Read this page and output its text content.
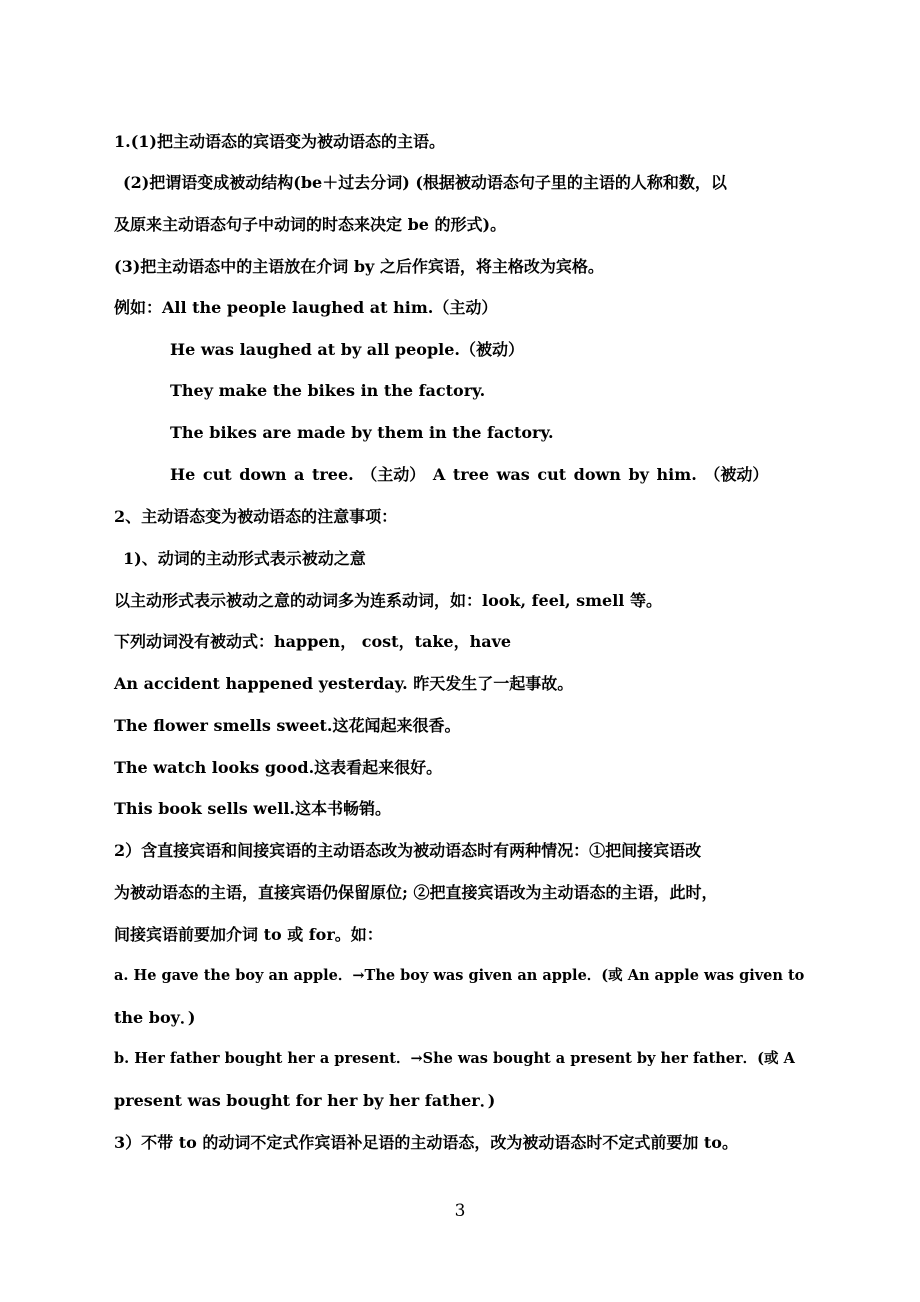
1.(1)把主动语态的宾语变为被动语态的主语。
(2)把谓语变成被动结构(be＋过去分词) (根据被动语态句子里的主语的人称和数，以
及原来主动语态句子中动词的时态来决定 be 的形式)。
(3)把主动语态中的主语放在介词 by 之后作宾语，将主格改为宾格。
例如：All the people laughed at him.（主动）
He was laughed at by all people.（被动）
They make the bikes in the factory.
The bikes are made by them in the factory.
He cut down a tree. （主动） A tree was cut down by him. （被动）
2、主动语态变为被动语态的注意事项：
1)、动词的主动形式表示被动之意
以主动形式表示被动之意的动词多为连系动词，如：look, feel, smell 等。
下列动词没有被动式：happen， cost，take，have
An accident happened yesterday. 昨天发生了一起事故。
The flower smells sweet.这花闻起来很香。
The watch looks good.这表看起来很好。
This book sells well.这本书畅销。
2）含直接宾语和间接宾语的主动语态改为被动语态时有两种情况：①把间接宾语改
为被动语态的主语，直接宾语仍保留原位; ②把直接宾语改为主动语态的主语，此时，
间接宾语前要加介词 to 或 for。如：
a. He gave the boy an apple．→The boy was given an apple．(或 An apple was given to
the boy．)
b. Her father bought her a present．→She was bought a present by her father．(或 A
present was bought for her by her father．)
3）不带 to 的动词不定式作宾语补足语的主动语态，改为被动语态时不定式前要加 to。
3
